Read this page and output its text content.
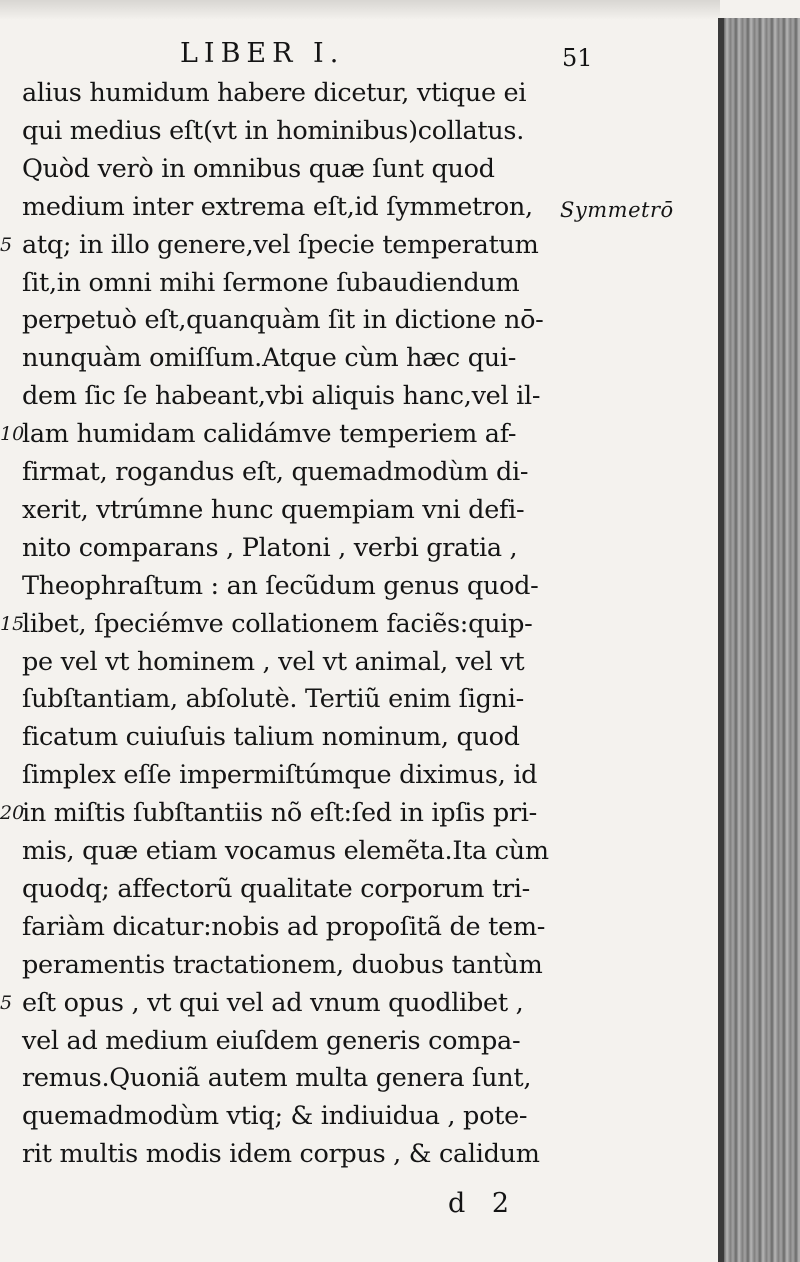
LIBER I.	51
Symmetrō
alius humidum habere dicetur, vtique ei
qui medius eſt(vt in hominibus)collatus.
Quòd verò in omnibus quæ ſunt quod
medium inter extrema eſt,id ſymmetron,
atq; in illo genere,vel ſpecie temperatum
ſit,in omni mihi ſermone ſubaudiendum
perpetuò eſt,quanquàm ſit in dictione nō-
nunquàm omiſſum.Atque cùm hæc qui-
dem ſic ſe habeant,vbi aliquis hanc,vel il-
lam humidam calidámve temperiem af-
firmat, rogandus eſt, quemadmodùm di-
xerit, vtrúmne hunc quempiam vni defi-
nito comparans , Platoni , verbi gratia ,
Theophraſtum : an ſecũdum genus quod-
libet, ſpeciémve collationem faciẽs:quip-
pe vel vt hominem , vel vt animal, vel vt
ſubſtantiam, abſolutè. Tertiũ enim ſigni-
ficatum cuiuſuis talium nominum, quod
ſimplex eſſe impermiſtúmque diximus, id
in miſtis ſubſtantiis nõ eſt:ſed in ipſis pri-
mis, quæ etiam vocamus elemẽta.Ita cùm
quodq; affectorũ qualitate corporum tri-
fariàm dicatur:nobis ad propoſitã de tem-
peramentis tractationem, duobus tantùm
eſt opus , vt qui vel ad vnum quodlibet ,
vel ad medium eiuſdem generis compa-
remus.Quoniã autem multa genera ſunt,
quemadmodùm vtiq; & indiuidua , pote-
rit multis modis idem corpus , & calidum
5
10
15
20
5
d 2
